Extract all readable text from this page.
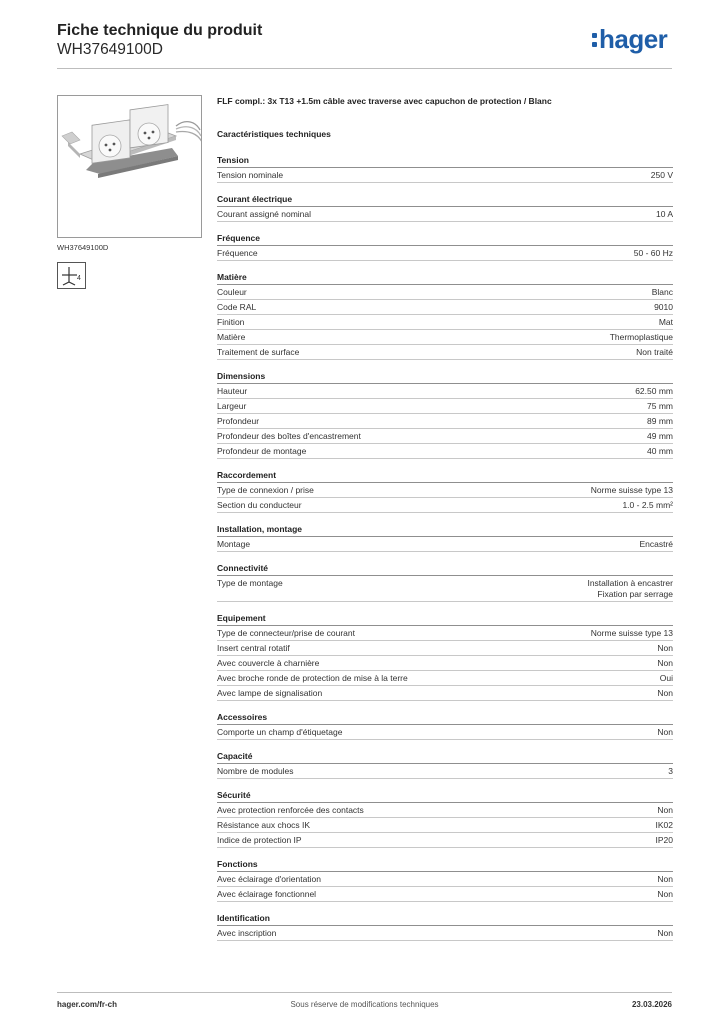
Fiche technique du produit
WH37649100D	hager
WH37649100D
4
FLF compl.: 3x T13 +1.5m câble avec traverse avec capuchon de protection / Blanc
Caractéristiques techniques
Tension
Tension nominale	250 V
Courant électrique
Courant assigné nominal	10 A
Fréquence
Fréquence	50 - 60 Hz
Matière
Couleur	Blanc
Code RAL	9010
Finition	Mat
Matière	Thermoplastique
Traitement de surface	Non traité
Dimensions
Hauteur	62.50 mm
Largeur	75 mm
Profondeur	89 mm
Profondeur des boîtes d'encastrement	49 mm
Profondeur de montage	40 mm
Raccordement
Type de connexion / prise	Norme suisse type 13
Section du conducteur	1.0 - 2.5 mm²
Installation, montage
Montage	Encastré
Connectivité
Type de montage	Installation à encastrer
Fixation par serrage
Equipement
Type de connecteur/prise de courant	Norme suisse type 13
Insert central rotatif	Non
Avec couvercle à charnière	Non
Avec broche ronde de protection de mise à la terre	Oui
Avec lampe de signalisation	Non
Accessoires
Comporte un champ d'étiquetage	Non
Capacité
Nombre de modules	3
Sécurité
Avec protection renforcée des contacts	Non
Résistance aux chocs IK	IK02
Indice de protection IP	IP20
Fonctions
Avec éclairage d'orientation	Non
Avec éclairage fonctionnel	Non
Identification
Avec inscription	Non
Sous réserve de modifications techniques
hager.com/fr-ch	23.03.2026
